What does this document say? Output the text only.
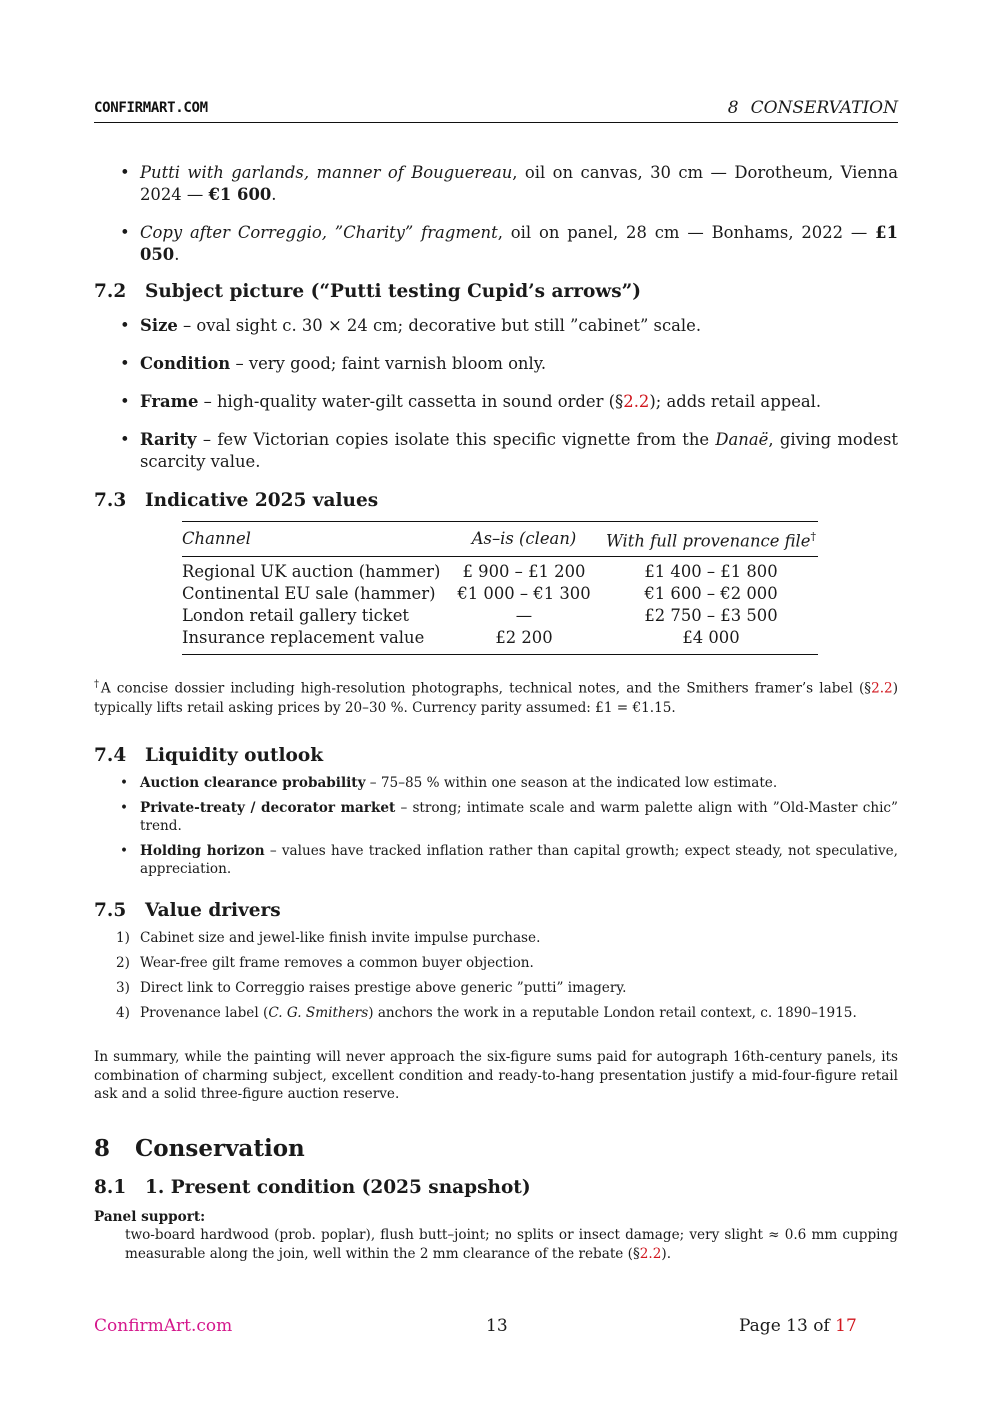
CONFIRMART.COM	8 CONSERVATION
• Putti with garlands, manner of Bouguereau, oil on canvas, 30 cm — Dorotheum, Vienna 2024 — €1 600.
• Copy after Correggio, ”Charity” fragment, oil on panel, 28 cm — Bonhams, 2022 — £1 050.
7.2 Subject picture (“Putti testing Cupid’s arrows”)
• Size – oval sight c. 30 × 24 cm; decorative but still ”cabinet” scale.
• Condition – very good; faint varnish bloom only.
• Frame – high-quality water-gilt cassetta in sound order (§2.2); adds retail appeal.
• Rarity – few Victorian copies isolate this specific vignette from the Danaë, giving modest scarcity value.
7.3 Indicative 2025 values
Channel	As–is (clean)	With full provenance file†
Regional UK auction (hammer)	£ 900 – £1 200	£1 400 – £1 800
Continental EU sale (hammer)	€1 000 – €1 300	€1 600 – €2 000
London retail gallery ticket	—	£2 750 – £3 500
Insurance replacement value	£2 200	£4 000

†A concise dossier including high-resolution photographs, technical notes, and the Smithers framer’s label (§2.2) typically lifts retail asking prices by 20–30 %. Currency parity assumed: £1 = €1.15.

7.4 Liquidity outlook
• Auction clearance probability – 75–85 % within one season at the indicated low estimate.
• Private-treaty / decorator market – strong; intimate scale and warm palette align with ”Old-Master chic” trend.
• Holding horizon – values have tracked inflation rather than capital growth; expect steady, not speculative, appreciation.
7.5 Value drivers
1) Cabinet size and jewel-like finish invite impulse purchase.
2) Wear-free gilt frame removes a common buyer objection.
3) Direct link to Correggio raises prestige above generic ”putti” imagery.
4) Provenance label (C. G. Smithers) anchors the work in a reputable London retail context, c. 1890–1915.

In summary, while the painting will never approach the six-figure sums paid for autograph 16th-century panels, its combination of charming subject, excellent condition and ready-to-hang presentation justify a mid-four-figure retail ask and a solid three-figure auction reserve.

8 Conservation
8.1 1. Present condition (2025 snapshot)
Panel support:
two-board hardwood (prob. poplar), flush butt–joint; no splits or insect damage; very slight ≈ 0.6 mm cupping measurable along the join, well within the 2 mm clearance of the rebate (§2.2).
ConfirmArt.com	13	Page 13 of 17
